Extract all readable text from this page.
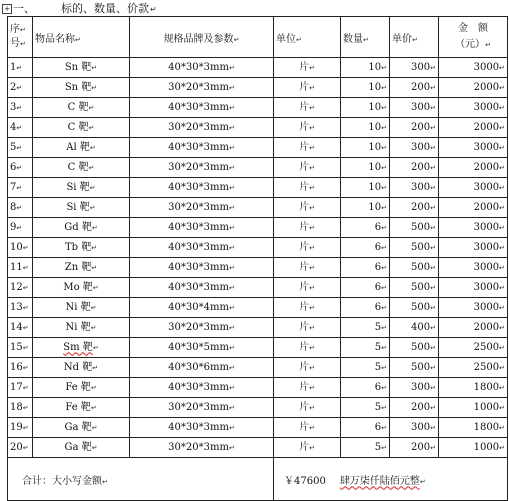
+ 一、 标的、数量、价款↵
序↵
号↵	物品名称↵	规格品牌及参数↵	单位↵	数量↵	单价↵	金　额
（元）↵
1↵	Sn 靶↵	40*30*3mm↵	片↵	10↵	300↵	3000↵
2↵	Sn 靶↵	30*20*3mm↵	片↵	10↵	200↵	2000↵
3↵	C 靶↵	40*30*3mm↵	片↵	10↵	300↵	3000↵
4↵	C 靶↵	30*20*3mm↵	片↵	10↵	200↵	2000↵
5↵	Al 靶↵	40*30*3mm↵	片↵	10↵	300↵	3000↵
6↵	C 靶↵	30*20*3mm↵	片↵	10↵	200↵	2000↵
7↵	Si 靶↵	40*30*3mm↵	片↵	10↵	300↵	3000↵
8↵	Si 靶↵	30*20*3mm↵	片↵	10↵	200↵	2000↵
9↵	Gd 靶↵	40*30*3mm↵	片↵	6↵	500↵	3000↵
10↵	Tb 靶↵	40*30*3mm↵	片↵	6↵	500↵	3000↵
11↵	Zn 靶↵	40*30*3mm↵	片↵	6↵	500↵	3000↵
12↵	Mo 靶↵	40*30*3mm↵	片↵	6↵	500↵	3000↵
13↵	Ni 靶↵	40*30*4mm↵	片↵	6↵	500↵	3000↵
14↵	Ni 靶↵	30*20*3mm↵	片↵	5↵	400↵	2000↵
15↵	Sm 靶↵	40*30*5mm↵	片↵	5↵	500↵	2500↵
16↵	Nd 靶↵	40*30*6mm↵	片↵	5↵	500↵	2500↵
17↵	Fe 靶↵	40*30*3mm↵	片↵	6↵	300↵	1800↵
18↵	Fe 靶↵	30*20*3mm↵	片↵	5↵	200↵	1000↵
19↵	Ga 靶↵	40*30*3mm↵	片↵	6↵	300↵	1800↵
20↵	Ga 靶↵	30*20*3mm↵	片↵	5↵	200↵	1000↵
合计：大小写金额↵			￥47600 肆万柒仟陆佰元整↵			
